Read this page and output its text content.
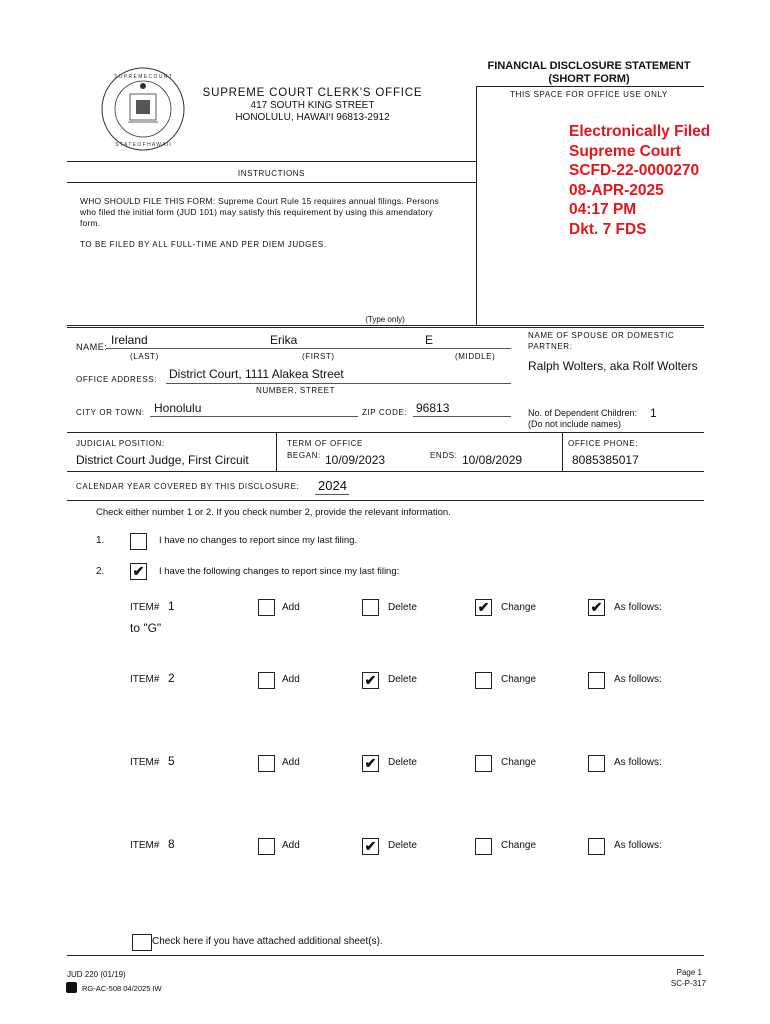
S U P R E M E C O U R T
S T A T E O F H A W A I I
SUPREME COURT CLERK'S OFFICE
417 SOUTH KING STREET
HONOLULU, HAWAI‘I 96813-2912
FINANCIAL DISCLOSURE STATEMENT
(SHORT FORM)
THIS SPACE FOR OFFICE USE ONLY
Electronically Filed
Supreme Court
SCFD-22-0000270
08-APR-2025
04:17 PM
Dkt. 7 FDS
INSTRUCTIONS
WHO SHOULD FILE THIS FORM: Supreme Court Rule 15 requires annual filings. Persons who filed the initial form (JUD 101) may satisfy this requirement by using this amendatory form.
TO BE FILED BY ALL FULL-TIME AND PER DIEM JUDGES.
(Type only)
NAME: Ireland	Erika	E
(LAST)	(FIRST)	(MIDDLE)
NAME OF SPOUSE OR DOMESTIC PARTNER:
Ralph Wolters, aka Rolf Wolters
OFFICE ADDRESS: District Court, 1111 Alakea Street
NUMBER, STREET
CITY OR TOWN: Honolulu	ZIP CODE: 96813	No. of Dependent Children: 1
(Do not include names)
JUDICIAL POSITION:
District Court Judge, First Circuit
TERM OF OFFICE
BEGAN: 10/09/2023	ENDS: 10/08/2029
OFFICE PHONE:
8085385017
CALENDAR YEAR COVERED BY THIS DISCLOSURE: 2024
Check either number 1 or 2. If you check number 2, provide the relevant information.
1.	I have no changes to report since my last filing.
2. ✔ I have the following changes to report since my last filing:
ITEM# 1	Add	Delete	✔ Change	✔ As follows:
to "G"
ITEM# 2	Add	✔ Delete	Change	As follows:
ITEM# 5	Add	✔ Delete	Change	As follows:
ITEM# 8	Add	✔ Delete	Change	As follows:
Check here if you have attached additional sheet(s).
JUD 220 (01/19)
RG-AC-508 04/2025 IW
Page 1
SC-P-317
